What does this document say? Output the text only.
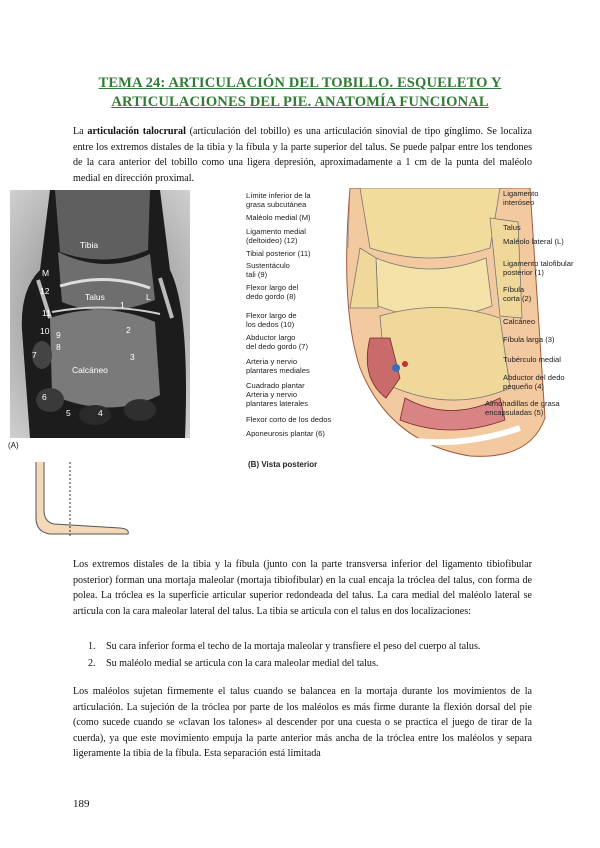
TEMA 24: ARTICULACIÓN DEL TOBILLO. ESQUELETO Y
ARTICULACIONES DEL PIE. ANATOMÍA FUNCIONAL

La articulación talocrural (articulación del tobillo) es una articulación sinovial de tipo gínglimo. Se localiza entre los extremos distales de la tibia y la fíbula y la parte superior del talus. Se puede palpar entre los tendones de la cara anterior del tobillo como una ligera depresión, aproximadamente a 1 cm de la punta del maléolo medial en dirección proximal.

Tibia
Talus
Calcáneo
M
L
12
11
10 9
8
7
6
5	4
3
2
1
(A)
Límite inferior de la
grasa subcutánea
Maléolo medial (M)
Ligamento medial
(deltoideo) (12)
Tibial posterior (11)
Sustentáculo
tali (9)
Flexor largo del
dedo gordo (8)
Flexor largo de
los dedos (10)
Abductor largo
del dedo gordo (7)
Arteria y nervio
plantares mediales
Cuadrado plantar
Arteria y nervio
plantares laterales
Flexor corto de los dedos
Aponeurosis plantar (6)
Ligamento
interόseo
Talus
Maléolo lateral (L)
Ligamento talofibular
posterior (1)
Fíbula
corta (2)
Calcáneo
Fíbula larga (3)
Tubérculo medial
Abductor del dedo
pequeño (4)
Almohadillas de grasa
encapsuladas (5)
(B) Vista posterior

Los extremos distales de la tibia y la fíbula (junto con la parte transversa inferior del ligamento tibiofibular posterior) forman una mortaja maleolar (mortaja tibiofibular) en la cual encaja la tróclea del talus, con forma de polea. La tróclea es la superficie articular superior redondeada del talus. La cara medial del maléolo lateral se articula con la cara maleolar lateral del talus. La tibia se articula con el talus en dos localizaciones:

1.	Su cara inferior forma el techo de la mortaja maleolar y transfiere el peso del cuerpo al talus.
2.	Su maléolo medial se articula con la cara maleolar medial del talus.

Los maléolos sujetan firmemente el talus cuando se balancea en la mortaja durante los movimientos de la articulación. La sujeción de la tróclea por parte de los maléolos es más firme durante la flexión dorsal del pie (como sucede cuando se «clavan los talones» al descender por una cuesta o se practica el juego de tirar de la cuerda), ya que este movimiento empuja la parte anterior más ancha de la tróclea entre los maléolos y separa ligeramente la tibia de la fíbula. Esta separación está limitada

189
